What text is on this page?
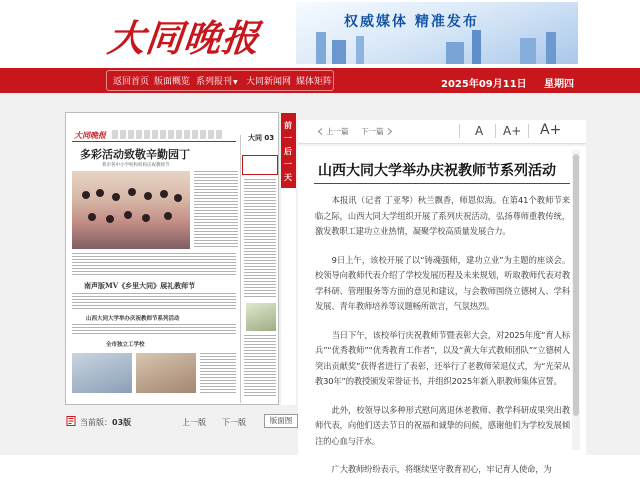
大同晚报	权威媒体 精准发布
返回首页 版面概览 系列报刊▼ 大同新闻网 媒体矩阵	2025年09月11日 星期四
大同晚报
多彩活动致敬辛勤园丁
我市各中小学校和机构庆祝教师节
南声版MV《乡里大同》展礼教师节
山西大同大学举办庆祝教师节系列活动
全市独立工学校
大同 03
前一后一天
当前版：03版	上一版 下一版	版面图
上一篇 下一篇	A A+ A+
山西大同大学举办庆祝教师节系列活动

本报讯（记者 丁亚琴）秋兰飘香，师恩似海。在第41个教师节来临之际，山西大同大学组织开展了系列庆祝活动，弘扬尊师重教传统，激发教职工建功立业热情，凝聚学校高质量发展合力。

9日上午，该校开展了以“铸魂强师，建功立业”为主题的座谈会。校领导向教师代表介绍了学校发展历程及未来规划，听取教师代表对教学科研、管理服务等方面的意见和建议，与会教师围绕立德树人、学科发展、青年教师培养等议题畅所欲言，气氛热烈。

当日下午，该校举行庆祝教师节暨表彰大会，对2025年度“育人标兵”“优秀教师”“优秀教育工作者”，以及“黄大年式教师团队”“立德树人突出贡献奖”获得者进行了表彰，还举行了老教师荣退仪式，为“光荣从教30年”的教授颁发荣誉证书，并组织2025年新入职教师集体宣誓。

此外，校领导以多种形式慰问离退休老教师、教学科研成果突出教师代表，向他们送去节日的祝福和诚挚的问候，感谢他们为学校发展倾注的心血与汗水。

广大教师纷纷表示，将继续坚守教育初心，牢记育人使命，为
